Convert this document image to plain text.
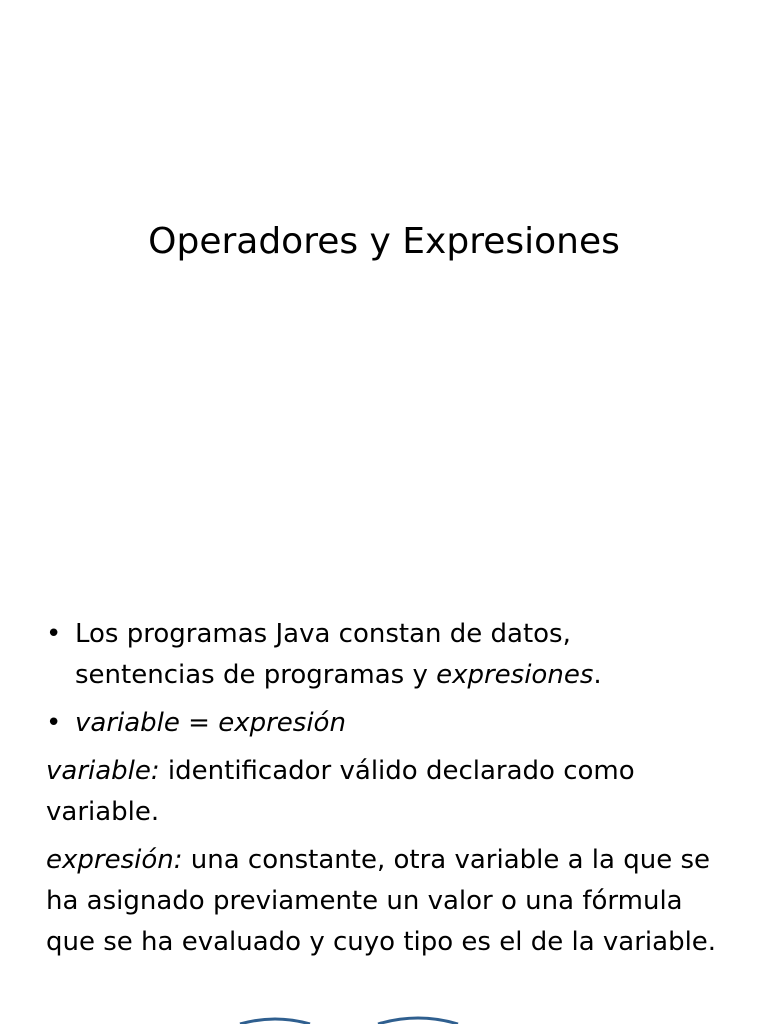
Operadores y Expresiones
• Los programas Java constan de datos,
sentencias de programas y expresiones.
• variable = expresión
variable: identificador válido declarado como variable.
expresión: una constante, otra variable a la que se ha asignado previamente un valor o una fórmula que se ha evaluado y cuyo tipo es el de la variable.
